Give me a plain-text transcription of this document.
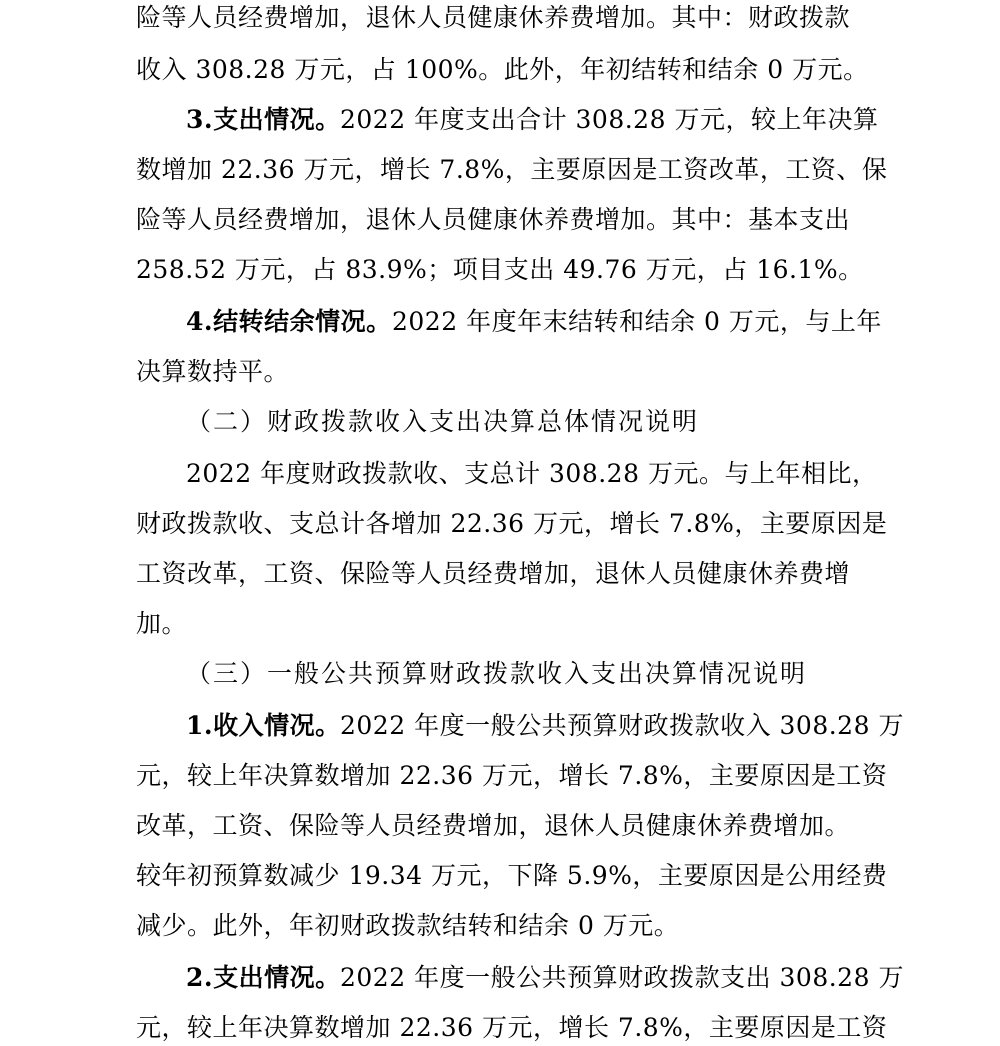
险等人员经费增加，退休人员健康休养费增加。其中：财政拨款
收入 308.28 万元，占 100%。此外，年初结转和结余 0 万元。
3.支出情况。 2022 年度支出合计 308.28 万元，较上年决算
数增加 22.36 万元，增长 7.8%，主要原因是工资改革，工资、保
险等人员经费增加，退休人员健康休养费增加。其中：基本支出
258.52 万元，占 83.9%；项目支出 49.76 万元，占 16.1%。
4.结转结余情况。 2022 年度年末结转和结余 0 万元，与上年
决算数持平。
（二）财政拨款收入支出决算总体情况说明
2022 年度财政拨款收、支总计 308.28 万元。与上年相比，
财政拨款收、支总计各增加 22.36 万元，增长 7.8%，主要原因是
工资改革，工资、保险等人员经费增加，退休人员健康休养费增
加。
（三）一般公共预算财政拨款收入支出决算情况说明
1.收入情况。 2022 年度一般公共预算财政拨款收入 308.28 万
元，较上年决算数增加 22.36 万元，增长 7.8%，主要原因是工资
改革，工资、保险等人员经费增加，退休人员健康休养费增加。
较年初预算数减少 19.34 万元，下降 5.9%，主要原因是公用经费
减少。此外，年初财政拨款结转和结余 0 万元。
2.支出情况。 2022 年度一般公共预算财政拨款支出 308.28 万
元，较上年决算数增加 22.36 万元，增长 7.8%，主要原因是工资
